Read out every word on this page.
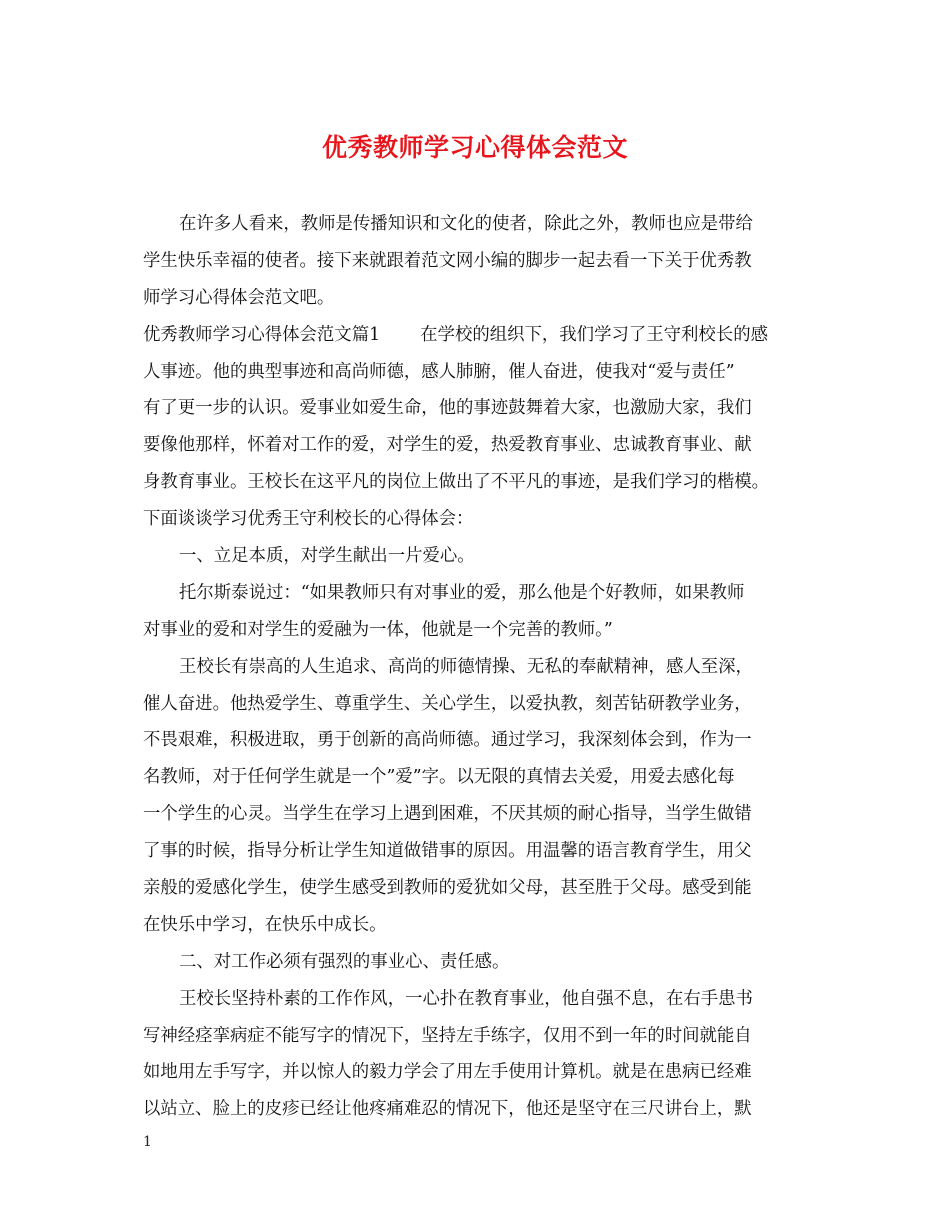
优秀教师学习心得体会范文
在许多人看来，教师是传播知识和文化的使者，除此之外，教师也应是带给
学生快乐幸福的使者。接下来就跟着范文网小编的脚步一起去看一下关于优秀教
师学习心得体会范文吧。
优秀教师学习心得体会范文篇1 在学校的组织下，我们学习了王守利校长的感
人事迹。他的典型事迹和高尚师德，感人肺腑，催人奋进，使我对“爱与责任”
有了更一步的认识。爱事业如爱生命，他的事迹鼓舞着大家，也激励大家，我们
要像他那样，怀着对工作的爱，对学生的爱，热爱教育事业、忠诚教育事业、献
身教育事业。王校长在这平凡的岗位上做出了不平凡的事迹，是我们学习的楷模。
下面谈谈学习优秀王守利校长的心得体会：
一、立足本质，对学生献出一片爱心。
托尔斯泰说过：“如果教师只有对事业的爱，那么他是个好教师，如果教师
对事业的爱和对学生的爱融为一体，他就是一个完善的教师。”
王校长有崇高的人生追求、高尚的师德情操、无私的奉献精神，感人至深，
催人奋进。他热爱学生、尊重学生、关心学生，以爱执教，刻苦钻研教学业务，
不畏艰难，积极进取，勇于创新的高尚师德。通过学习，我深刻体会到，作为一
名教师，对于任何学生就是一个”爱”字。以无限的真情去关爱，用爱去感化每
一个学生的心灵。当学生在学习上遇到困难，不厌其烦的耐心指导，当学生做错
了事的时候，指导分析让学生知道做错事的原因。用温馨的语言教育学生，用父
亲般的爱感化学生，使学生感受到教师的爱犹如父母，甚至胜于父母。感受到能
在快乐中学习，在快乐中成长。
二、对工作必须有强烈的事业心、责任感。
王校长坚持朴素的工作作风，一心扑在教育事业，他自强不息，在右手患书
写神经痉挛病症不能写字的情况下，坚持左手练字，仅用不到一年的时间就能自
如地用左手写字，并以惊人的毅力学会了用左手使用计算机。就是在患病已经难
以站立、脸上的皮疹已经让他疼痛难忍的情况下，他还是坚守在三尺讲台上，默
1
